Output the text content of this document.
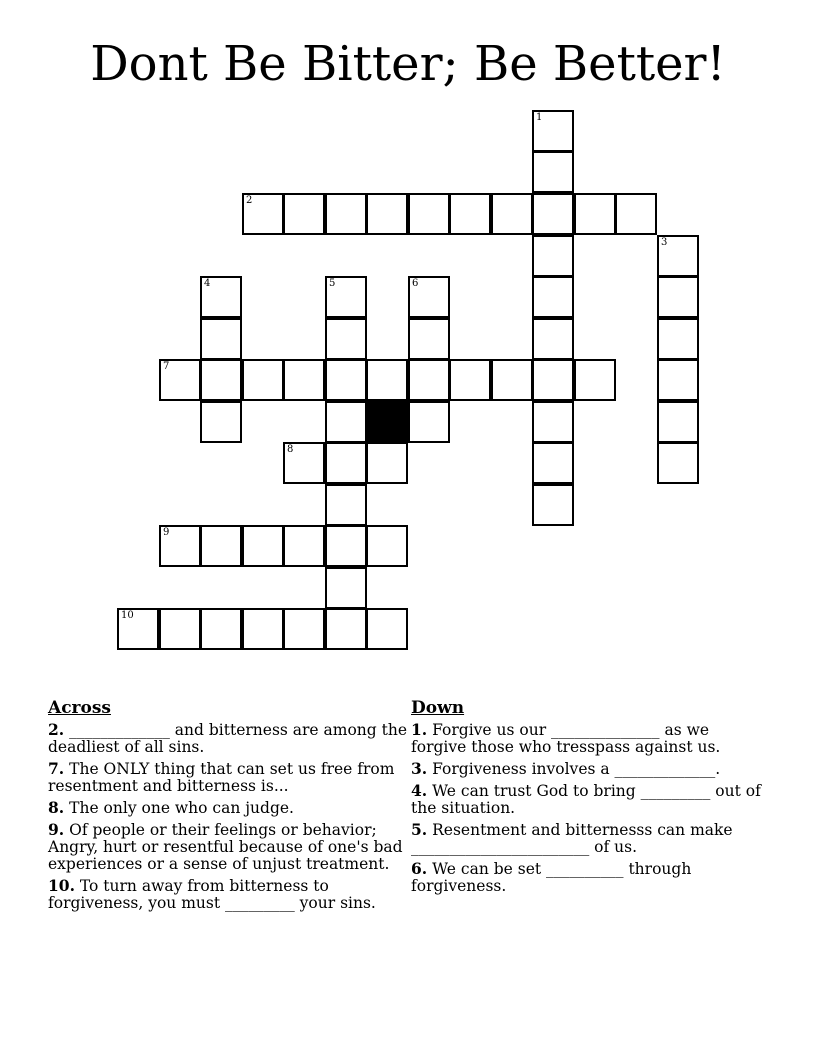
Dont Be Bitter; Be Better!
1
2
3
4	5	6
7
8
9
10
Across
2. _____________ and bitterness are among the deadliest of all sins.
7. The ONLY thing that can set us free from resentment and bitterness is...
8. The only one who can judge.
9. Of people or their feelings or behavior; Angry, hurt or resentful because of one's bad experiences or a sense of unjust treatment.
10. To turn away from bitterness to forgiveness, you must _________ your sins.
Down
1. Forgive us our ______________ as we forgive those who tresspass against us.
3. Forgiveness involves a _____________.
4. We can trust God to bring _________ out of the situation.
5. Resentment and bitternesss can make _______________________ of us.
6. We can be set __________ through forgiveness.
